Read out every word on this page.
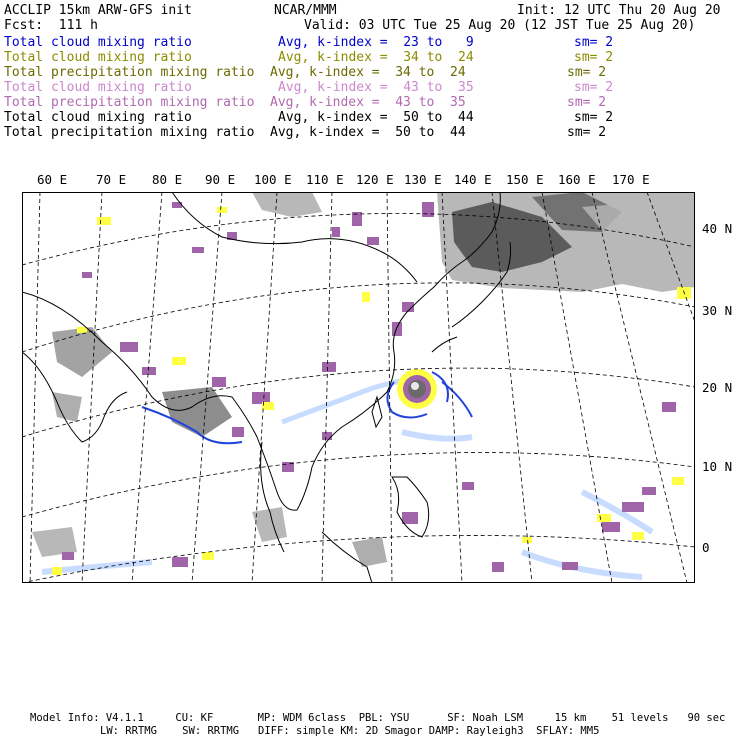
ACCLIP 15km ARW-GFS init	NCAR/MMM	Init: 12 UTC Thu 20 Aug 20
Fcst:  111 h	Valid: 03 UTC Tue 25 Aug 20 (12 JST Tue 25 Aug 20)
Total cloud mixing ratio	Avg, k-index =  23 to   9	sm= 2
Total cloud mixing ratio	Avg, k-index =  34 to  24	sm= 2
Total precipitation mixing ratio Avg, k-index =  34 to  24	sm= 2
Total cloud mixing ratio	Avg, k-index =  43 to  35	sm= 2
Total precipitation mixing ratio Avg, k-index =  43 to  35	sm= 2
Total cloud mixing ratio	Avg, k-index =  50 to  44	sm= 2
Total precipitation mixing ratio Avg, k-index =  50 to  44	sm= 2
60 E 70 E 80 E 90 E 100 E 110 E 120 E 130 E 140 E 150 E 160 E 170 E
40 N
30 N
20 N
10 N
0
Model Info: V4.1.1     CU: KF       MP: WDM 6class  PBL: YSU      SF: Noah LSM     15 km    51 levels   90 sec
LW: RRTMG    SW: RRTMG   DIFF: simple KM: 2D Smagor DAMP: Rayleigh3  SFLAY: MM5
